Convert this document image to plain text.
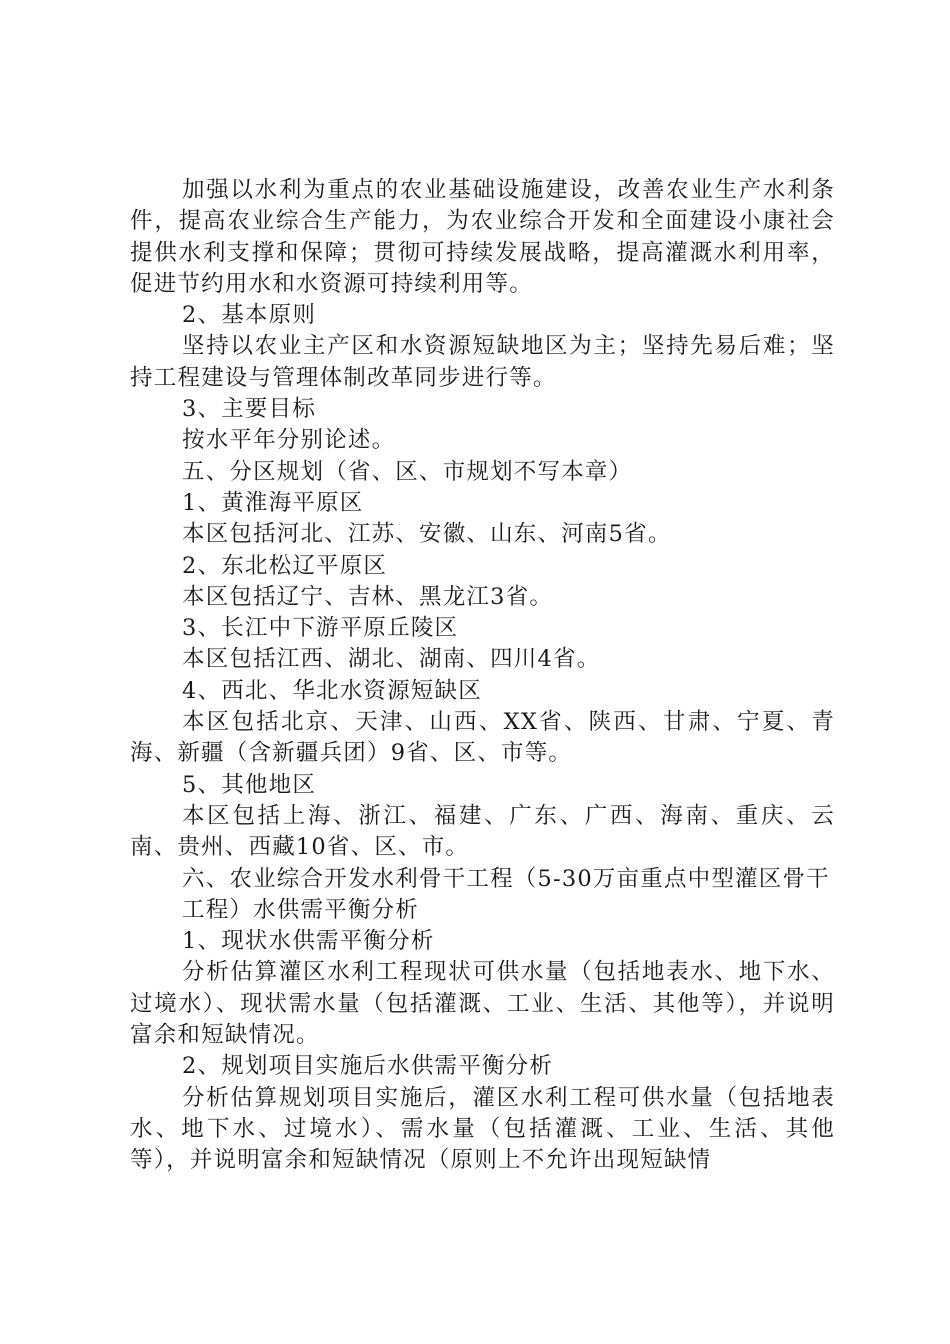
加强以水利为重点的农业基础设施建设，改善农业生产水利条件，提高农业综合生产能力，为农业综合开发和全面建设小康社会提供水利支撑和保障；贯彻可持续发展战略，提高灌溉水利用率，促进节约用水和水资源可持续利用等。

2、基本原则

坚持以农业主产区和水资源短缺地区为主；坚持先易后难；坚持工程建设与管理体制改革同步进行等。

3、主要目标

按水平年分别论述。

五、分区规划（省、区、市规划不写本章）

1、黄淮海平原区

本区包括河北、江苏、安徽、山东、河南5省。

2、东北松辽平原区

本区包括辽宁、吉林、黑龙江3省。

3、长江中下游平原丘陵区

本区包括江西、湖北、湖南、四川4省。

4、西北、华北水资源短缺区

本区包括北京、天津、山西、XX省、陕西、甘肃、宁夏、青海、新疆（含新疆兵团）9省、区、市等。

5、其他地区

本区包括上海、浙江、福建、广东、广西、海南、重庆、云南、贵州、西藏10省、区、市。

六、农业综合开发水利骨干工程（5-30万亩重点中型灌区骨干

工程）水供需平衡分析

1、现状水供需平衡分析

分析估算灌区水利工程现状可供水量（包括地表水、地下水、过境水）、现状需水量（包括灌溉、工业、生活、其他等），并说明富余和短缺情况。

2、规划项目实施后水供需平衡分析

分析估算规划项目实施后，灌区水利工程可供水量（包括地表水、地下水、过境水）、需水量（包括灌溉、工业、生活、其他等），并说明富余和短缺情况（原则上不允许出现短缺情
